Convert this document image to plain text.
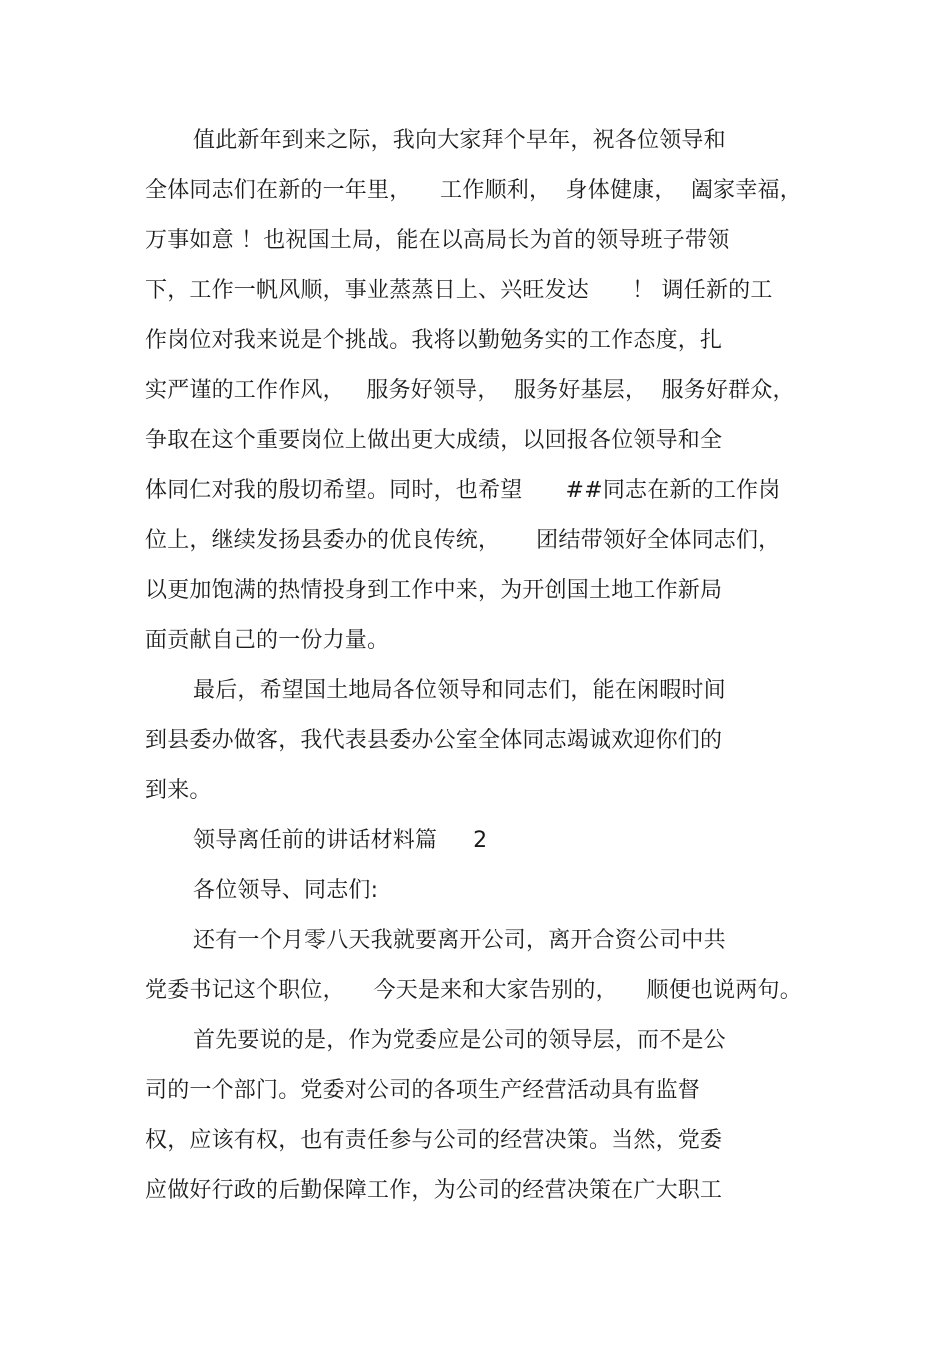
值此新年到来之际，我向大家拜个早年，祝各位领导和
全体同志们在新的一年里，    工作顺利，  身体健康，  阖家幸福，
万事如意 ！也祝国土局，能在以高局长为首的领导班子带领
下，工作一帆风顺，事业蒸蒸日上、兴旺发达      ！ 调任新的工
作岗位对我来说是个挑战。我将以勤勉务实的工作态度，扎
实严谨的工作作风，   服务好领导，  服务好基层，  服务好群众，
争取在这个重要岗位上做出更大成绩，以回报各位领导和全
体同仁对我的殷切希望。同时，也希望      ##同志在新的工作岗
位上，继续发扬县委办的优良传统，     团结带领好全体同志们，
以更加饱满的热情投身到工作中来，为开创国土地工作新局
面贡献自己的一份力量。
最后，希望国土地局各位领导和同志们，能在闲暇时间
到县委办做客，我代表县委办公室全体同志竭诚欢迎你们的
到来。
领导离任前的讲话材料篇     2
各位领导、同志们:
还有一个月零八天我就要离开公司，离开合资公司中共
党委书记这个职位，    今天是来和大家告别的，    顺便也说两句。
首先要说的是，作为党委应是公司的领导层，而不是公
司的一个部门。党委对公司的各项生产经营活动具有监督
权，应该有权，也有责任参与公司的经营决策。当然，党委
应做好行政的后勤保障工作，为公司的经营决策在广大职工
